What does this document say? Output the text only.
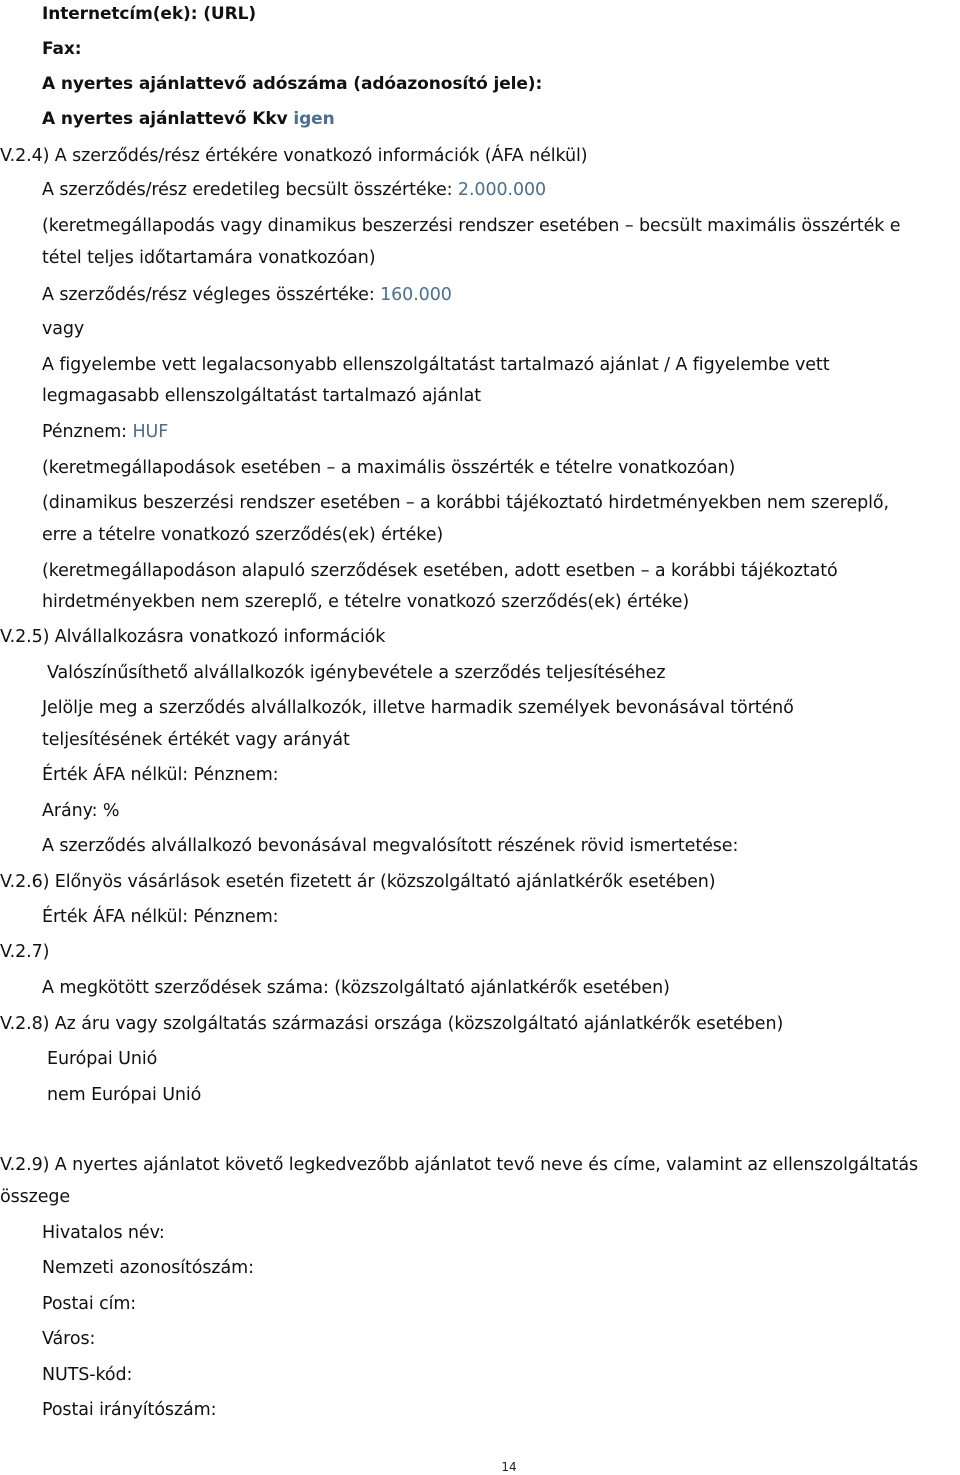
Internetcím(ek): (URL)
Fax:
A nyertes ajánlattevő adószáma (adóazonosító jele):
A nyertes ajánlattevő Kkv igen
V.2.4) A szerződés/rész értékére vonatkozó információk (ÁFA nélkül)
A szerződés/rész eredetileg becsült összértéke: 2.000.000
(keretmegállapodás vagy dinamikus beszerzési rendszer esetében – becsült maximális összérték e
tétel teljes időtartamára vonatkozóan)
A szerződés/rész végleges összértéke: 160.000
vagy
A figyelembe vett legalacsonyabb ellenszolgáltatást tartalmazó ajánlat / A figyelembe vett
legmagasabb ellenszolgáltatást tartalmazó ajánlat
Pénznem: HUF
(keretmegállapodások esetében – a maximális összérték e tételre vonatkozóan)
(dinamikus beszerzési rendszer esetében – a korábbi tájékoztató hirdetményekben nem szereplő,
erre a tételre vonatkozó szerződés(ek) értéke)
(keretmegállapodáson alapuló szerződések esetében, adott esetben – a korábbi tájékoztató
hirdetményekben nem szereplő, e tételre vonatkozó szerződés(ek) értéke)
V.2.5) Alvállalkozásra vonatkozó információk
Valószínűsíthető alvállalkozók igénybevétele a szerződés teljesítéséhez
Jelölje meg a szerződés alvállalkozók, illetve harmadik személyek bevonásával történő
teljesítésének értékét vagy arányát
Érték ÁFA nélkül: Pénznem:
Arány: %
A szerződés alvállalkozó bevonásával megvalósított részének rövid ismertetése:
V.2.6) Előnyös vásárlások esetén fizetett ár (közszolgáltató ajánlatkérők esetében)
Érték ÁFA nélkül: Pénznem:
V.2.7)
A megkötött szerződések száma: (közszolgáltató ajánlatkérők esetében)
V.2.8) Az áru vagy szolgáltatás származási országa (közszolgáltató ajánlatkérők esetében)
Európai Unió
nem Európai Unió
V.2.9) A nyertes ajánlatot követő legkedvezőbb ajánlatot tevő neve és címe, valamint az ellenszolgáltatás
összege
Hivatalos név:
Nemzeti azonosítószám:
Postai cím:
Város:
NUTS-kód:
Postai irányítószám:
14
